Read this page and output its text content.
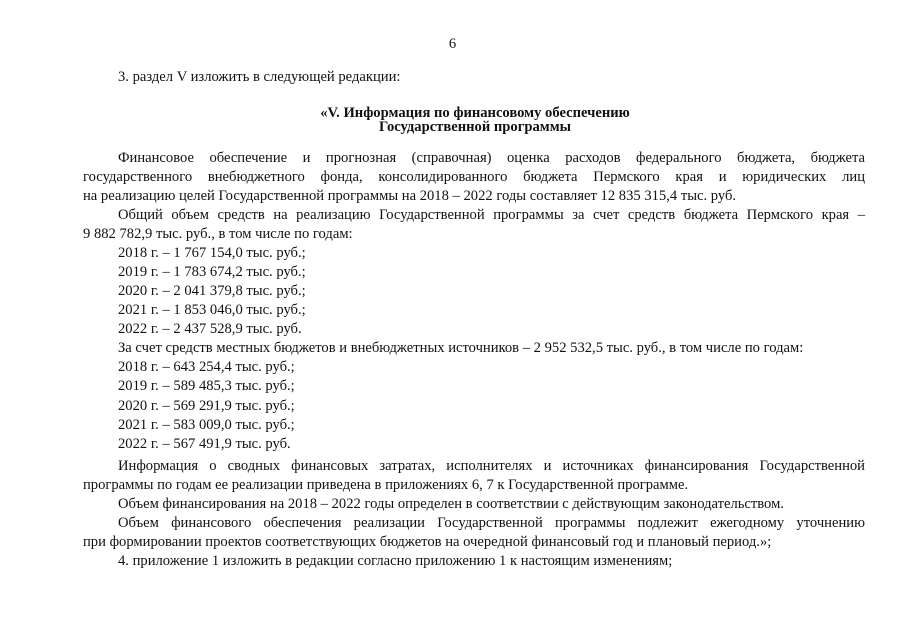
6
3. раздел V изложить в следующей редакции:
«V. Информация по финансовому обеспечению
Государственной программы
Финансовое обеспечение и прогнозная (справочная) оценка расходов федерального бюджета, бюджета
государственного внебюджетного фонда, консолидированного бюджета Пермского края и юридических лиц
на реализацию целей Государственной программы на 2018 – 2022 годы составляет 12 835 315,4 тыс. руб.
Общий объем средств на реализацию Государственной программы за счет средств бюджета Пермского края –
9 882 782,9 тыс. руб., в том числе по годам:
2018 г. – 1 767 154,0 тыс. руб.;
2019 г. – 1 783 674,2 тыс. руб.;
2020 г. – 2 041 379,8 тыс. руб.;
2021 г. – 1 853 046,0 тыс. руб.;
2022 г. – 2 437 528,9 тыс. руб.
За счет средств местных бюджетов и внебюджетных источников – 2 952 532,5 тыс. руб., в том числе по годам:
2018 г. – 643 254,4 тыс. руб.;
2019 г. – 589 485,3 тыс. руб.;
2020 г. – 569 291,9 тыс. руб.;
2021 г. – 583 009,0 тыс. руб.;
2022 г. – 567 491,9 тыс. руб.
Информация о сводных финансовых затратах, исполнителях и источниках финансирования Государственной
программы по годам ее реализации приведена в приложениях 6, 7 к Государственной программе.
Объем финансирования на 2018 – 2022 годы определен в соответствии с действующим законодательством.
Объем финансового обеспечения реализации Государственной программы подлежит ежегодному уточнению
при формировании проектов соответствующих бюджетов на очередной финансовый год и плановый период.»;
4. приложение 1 изложить в редакции согласно приложению 1 к настоящим изменениям;
